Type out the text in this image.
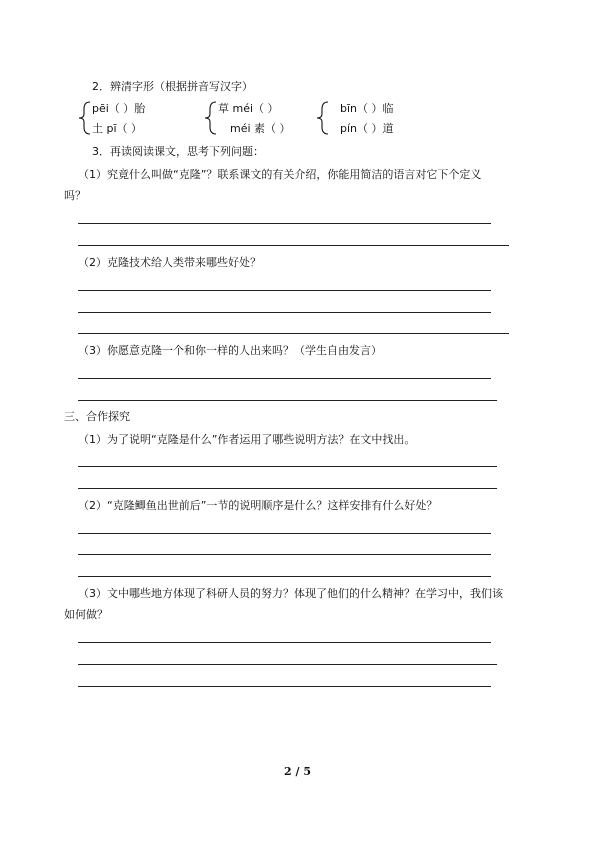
2．辨清字形（根据拼音写汉字）
pēi（ ）胎
土 pī（ ）
草 méi（ ）
méi 素（ ）
bīn（ ）临
pín（ ）道
3．再读阅读课文，思考下列问题：
（1）究竟什么叫做“克隆”？联系课文的有关介绍，你能用简洁的语言对它下个定义
吗？
（2）克隆技术给人类带来哪些好处？
（3）你愿意克隆一个和你一样的人出来吗？（学生自由发言）
三、合作探究
（1）为了说明“克隆是什么”作者运用了哪些说明方法？在文中找出。
（2）“克隆鲫鱼出世前后”一节的说明顺序是什么？这样安排有什么好处？
（3）文中哪些地方体现了科研人员的努力？体现了他们的什么精神？在学习中，我们该
如何做？
2 / 5
